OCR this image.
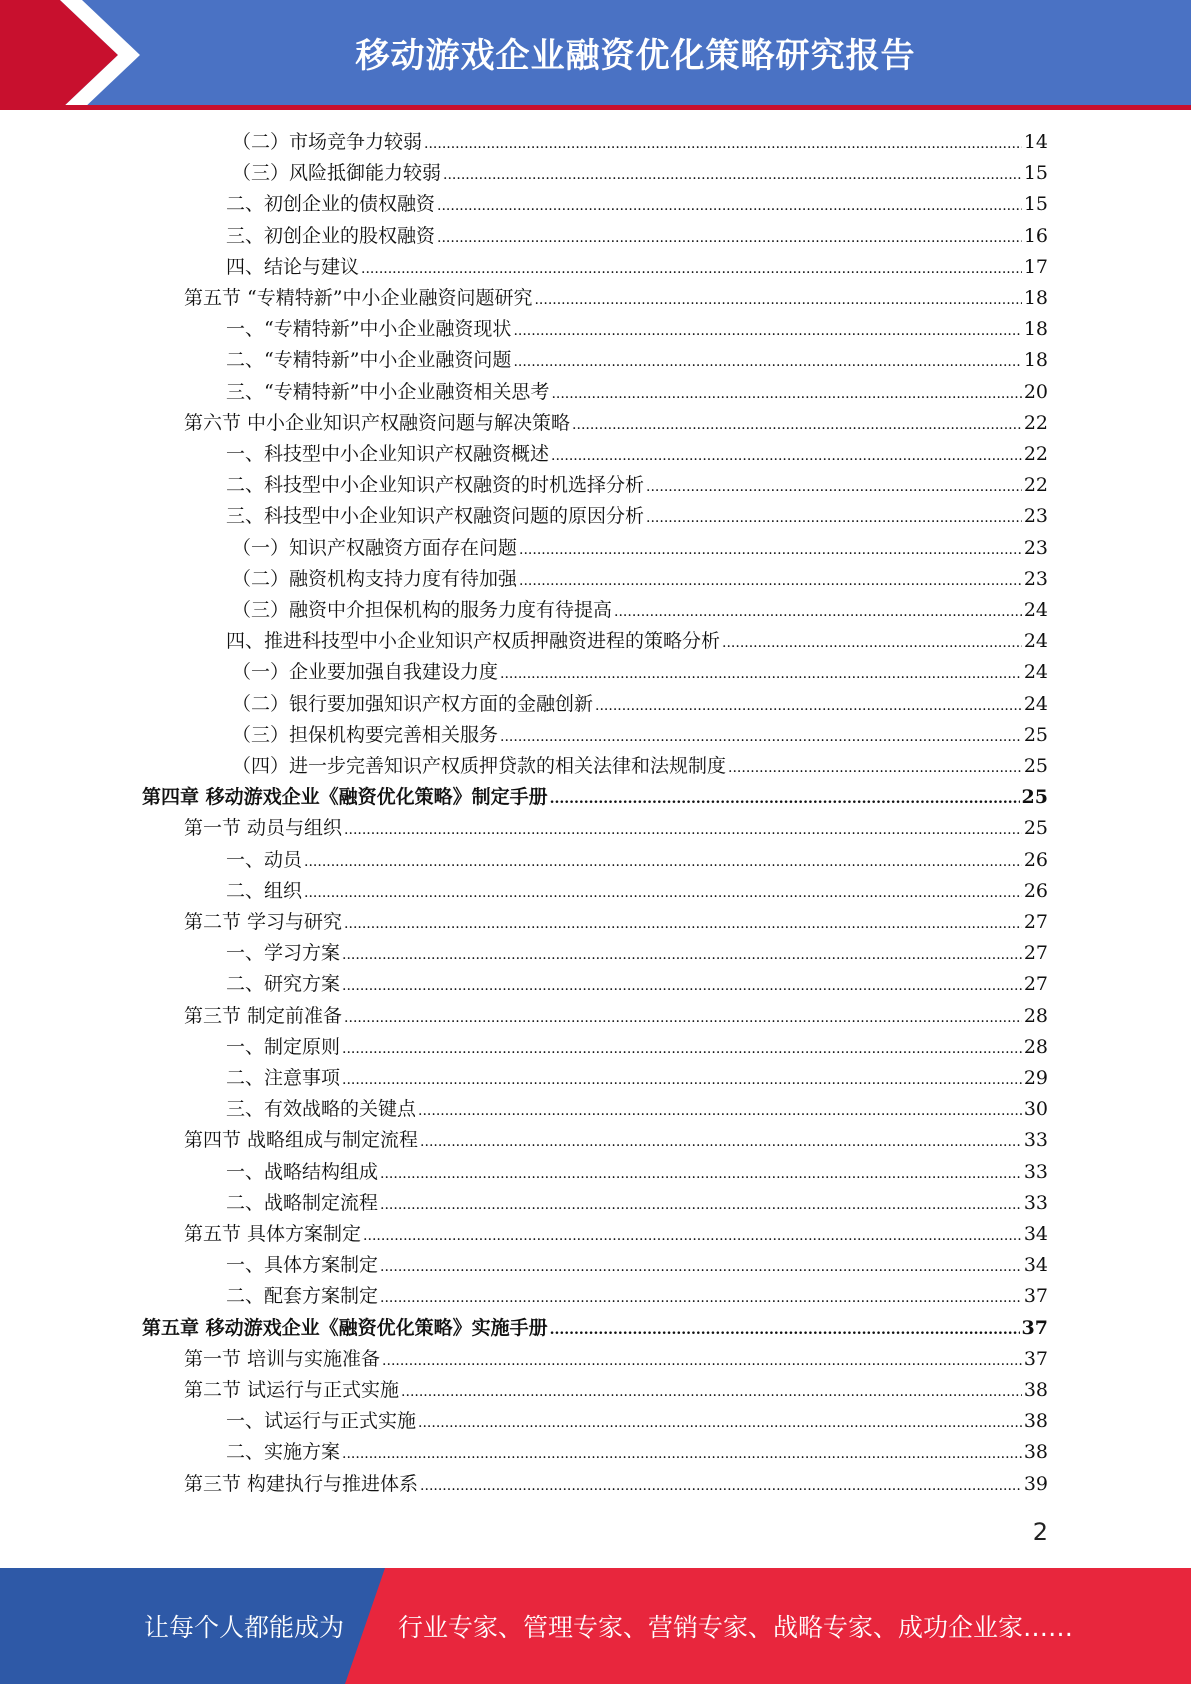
移动游戏企业融资优化策略研究报告
（二）市场竞争力较弱 .....	14
（三）风险抵御能力较弱 .....	15
二、初创企业的债权融资 .....	15
三、初创企业的股权融资 .....	16
四、结论与建议 .....	17
第五节 “专精特新”中小企业融资问题研究 .....	18
一、“专精特新”中小企业融资现状 .....	18
二、“专精特新”中小企业融资问题 .....	18
三、“专精特新”中小企业融资相关思考 .....	20
第六节 中小企业知识产权融资问题与解决策略 .....	22
一、科技型中小企业知识产权融资概述 .....	22
二、科技型中小企业知识产权融资的时机选择分析 .....	22
三、科技型中小企业知识产权融资问题的原因分析 .....	23
（一）知识产权融资方面存在问题 .....	23
（二）融资机构支持力度有待加强 .....	23
（三）融资中介担保机构的服务力度有待提高 .....	24
四、推进科技型中小企业知识产权质押融资进程的策略分析 .....	24
（一）企业要加强自我建设力度 .....	24
（二）银行要加强知识产权方面的金融创新 .....	24
（三）担保机构要完善相关服务 .....	25
（四）进一步完善知识产权质押贷款的相关法律和法规制度 .....	25
第四章 移动游戏企业《融资优化策略》制定手册 .....	25
第一节 动员与组织 .....	25
一、动员 .....	26
二、组织 .....	26
第二节 学习与研究 .....	27
一、学习方案 .....	27
二、研究方案 .....	27
第三节 制定前准备 .....	28
一、制定原则 .....	28
二、注意事项 .....	29
三、有效战略的关键点 .....	30
第四节 战略组成与制定流程 .....	33
一、战略结构组成 .....	33
二、战略制定流程 .....	33
第五节 具体方案制定 .....	34
一、具体方案制定 .....	34
二、配套方案制定 .....	37
第五章 移动游戏企业《融资优化策略》实施手册 .....	37
第一节 培训与实施准备 .....	37
第二节 试运行与正式实施 .....	38
一、试运行与正式实施 .....	38
二、实施方案 .....	38
第三节 构建执行与推进体系 .....	39
2
让每个人都能成为 行业专家、管理专家、营销专家、战略专家、成功企业家……
